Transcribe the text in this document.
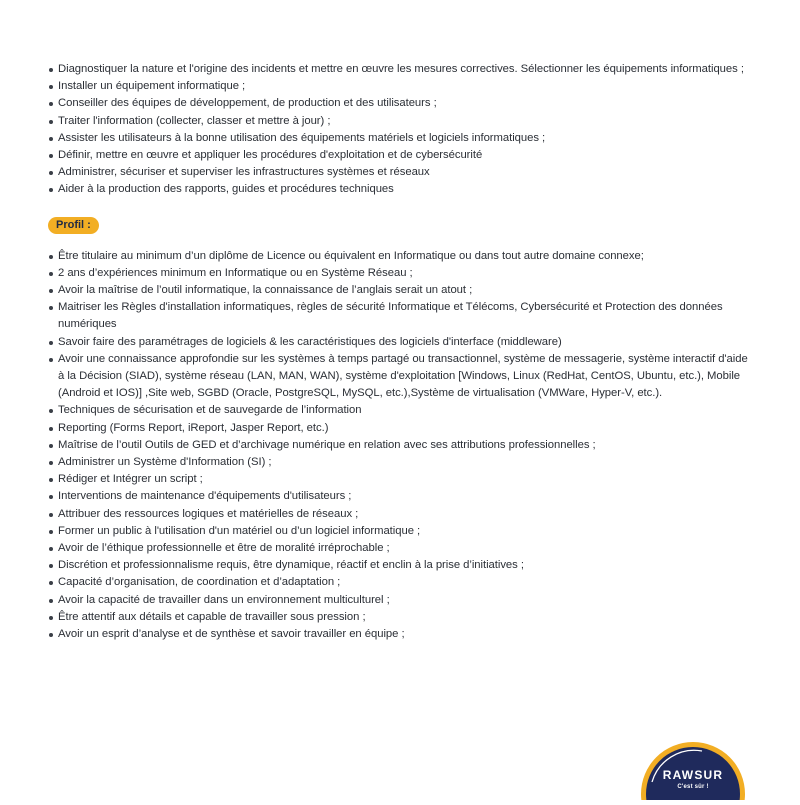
Diagnostiquer la nature et l'origine des incidents et mettre en œuvre les mesures correctives. Sélectionner les équipements informatiques ;
Installer un équipement informatique ;
Conseiller des équipes de développement, de production et des utilisateurs ;
Traiter l'information (collecter, classer et mettre à jour) ;
Assister les utilisateurs à la bonne utilisation des équipements matériels et logiciels informatiques ;
Définir, mettre en œuvre et appliquer les procédures d'exploitation et de cybersécurité
Administrer, sécuriser et superviser les infrastructures systèmes et réseaux
Aider à la production des rapports, guides et procédures techniques
Profil :
Être titulaire au minimum d’un diplôme de Licence ou équivalent en Informatique ou dans tout autre domaine connexe;
2 ans d’expériences minimum en Informatique ou en Système Réseau ;
Avoir la maîtrise de l’outil informatique, la connaissance de l’anglais serait un atout ;
Maitriser les Règles d'installation informatiques, règles de sécurité Informatique et Télécoms, Cybersécurité et Protection des données numériques
Savoir faire des paramétrages de logiciels & les caractéristiques des logiciels d'interface (middleware)
Avoir une connaissance approfondie sur les systèmes à temps partagé ou transactionnel, système de messagerie, système interactif d'aide à la Décision (SIAD), système réseau (LAN, MAN, WAN), système d'exploitation [Windows, Linux (RedHat, CentOS, Ubuntu, etc.), Mobile (Android et IOS)] ,Site web, SGBD (Oracle, PostgreSQL, MySQL, etc.),Système de virtualisation (VMWare, Hyper-V, etc.).
Techniques de sécurisation et de sauvegarde de l’information
Reporting (Forms Report, iReport, Jasper Report, etc.)
Maîtrise de l’outil Outils de GED et d’archivage numérique en relation avec ses attributions professionnelles ;
Administrer un Système d'Information (SI) ;
Rédiger et Intégrer un script ;
Interventions de maintenance d'équipements d'utilisateurs ;
Attribuer des ressources logiques et matérielles de réseaux ;
Former un public à l'utilisation d'un matériel ou d’un logiciel informatique ;
Avoir de l’éthique professionnelle et être de moralité irréprochable ;
Discrétion et professionnalisme requis, être dynamique, réactif et enclin à la prise d’initiatives ;
Capacité d’organisation, de coordination et d’adaptation ;
Avoir la capacité de travailler dans un environnement multiculturel ;
Être attentif aux détails et capable de travailler sous pression ;
Avoir un esprit d’analyse et de synthèse et savoir travailler en équipe ;
RAWSUR
C'est sûr !
